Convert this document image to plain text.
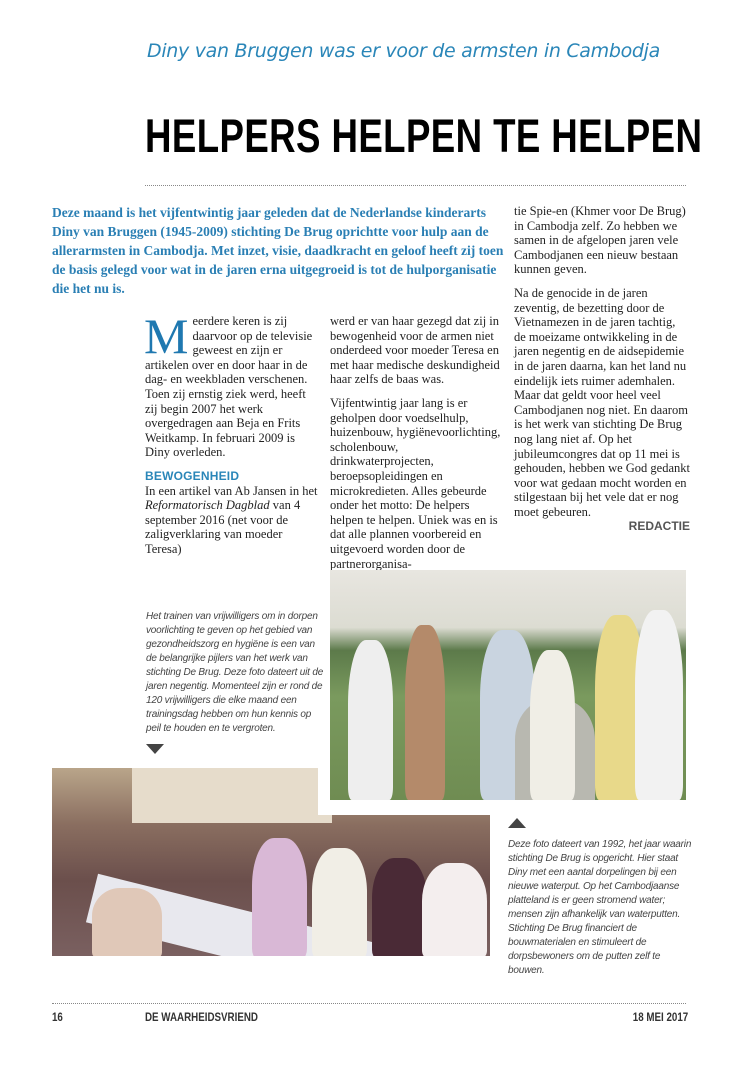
Diny van Bruggen was er voor de armsten in Cambodja
HELPERS HELPEN TE HELPEN
Deze maand is het vijfentwintig jaar geleden dat de Nederlandse kinderarts Diny van Bruggen (1945-2009) stichting De Brug oprichtte voor hulp aan de allerarmsten in Cambodja. Met inzet, visie, daadkracht en geloof heeft zij toen de basis gelegd voor wat in de jaren erna uitgegroeid is tot de hulporganisatie die het nu is.

Meerdere keren is zij daarvoor op de televisie geweest en zijn er artikelen over en door haar in de dag- en weekbladen verschenen. Toen zij ernstig ziek werd, heeft zij begin 2007 het werk overgedragen aan Beja en Frits Weitkamp. In februari 2009 is Diny overleden.

BEWOGENHEID
In een artikel van Ab Jansen in het Reformatorisch Dagblad van 4 september 2016 (net voor de zaligverklaring van moeder Teresa)

werd er van haar gezegd dat zij in bewogenheid voor de armen niet onderdeed voor moeder Teresa en met haar medische deskundigheid haar zelfs de baas was.

Vijfentwintig jaar lang is er geholpen door voedselhulp, huizenbouw, hygiënevoorlichting, scholenbouw, drinkwaterprojecten, beroepsopleidingen en microkredieten. Alles gebeurde onder het motto: De helpers helpen te helpen. Uniek was en is dat alle plannen voorbereid en uitgevoerd worden door de partnerorganisa-

tie Spie-en (Khmer voor De Brug) in Cambodja zelf. Zo hebben we samen in de afgelopen jaren vele Cambodjanen een nieuw bestaan kunnen geven.

Na de genocide in de jaren zeventig, de bezetting door de Vietnamezen in de jaren tachtig, de moeizame ontwikkeling in de jaren negentig en de aidsepidemie in de jaren daarna, kan het land nu eindelijk iets ruimer ademhalen. Maar dat geldt voor heel veel Cambodjanen nog niet. En daarom is het werk van stichting De Brug nog lang niet af. Op het jubileumcongres dat op 11 mei is gehouden, hebben we God gedankt voor wat gedaan mocht worden en stilgestaan bij het vele dat er nog moet gebeuren.
REDACTIE

Het trainen van vrijwilligers om in dorpen voorlichting te geven op het gebied van gezondheidszorg en hygiëne is een van de belangrijke pijlers van het werk van stichting De Brug. Deze foto dateert uit de jaren negentig. Momenteel zijn er rond de 120 vrijwilligers die elke maand een trainingsdag hebben om hun kennis op peil te houden en te vergroten.
Deze foto dateert van 1992, het jaar waarin stichting De Brug is opgericht. Hier staat Diny met een aantal dorpelingen bij een nieuwe waterput. Op het Cambodjaanse platteland is er geen stromend water; mensen zijn afhankelijk van waterputten. Stichting De Brug financiert de bouwmaterialen en stimuleert de dorpsbewoners om de putten zelf te bouwen.
16	DE WAARHEIDSVRIEND	18 MEI 2017
